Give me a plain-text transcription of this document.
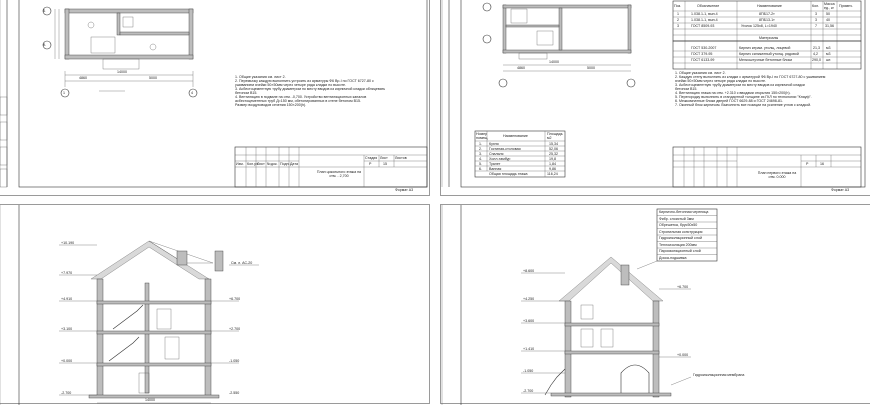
Б
А
1	4
14000
4860	5000	1. Общие указания см. лист 2.
2. Перемычку каждую выполнить устроить из арматуры Ф6 Вр-I по ГОСТ 6727-80 с
ушиванием ячейки 50×50мм через четыре ряда кладки по высоте.
3. Асбестоцементную трубу диаметром по месту вводов из кирпичной кладки облицевать
бетоном В15.
4. Вентиляцию в подвале на отм. -0,700. Устройство вентиляционных каналов
асбестоцементных труб Д=150 мм, обетонированных в стене бетоном В15.
Размер воздуховодов сечения 150×200(h).
Изм. Кол.уч.
Лист №док. Подп. Дата
Стадия Лист Листов
Р	15
План цокольного этажа на отм. - 2,700
Формат А3
14000
4860	5000
Поз.	Обозначение	Наименование	Кол. Масса ед., кг	Примеч.
1	1.038.1-1, вып.4	8ПБ17-2т	3	50
2	1.038.1-1, вып.4	8ПБ13-1т	3	40
3	ГОСТ 8509-93	Уголок 125х8, L=1940	7 31,56
Материалы
ГОСТ 530-2007	Кирпич керам. утолщ. лицевой	21,3 м3
ГОСТ 379-95	Кирпич силикатный утолщ. рядовой	4,2 м3
ГОСТ 6133-99	Мелкоштучные бетонные блоки	290,0 шт.
1. Общие указания см. лист 2.
2. Каждую стену выполнить из кладки с арматурой Ф6 Вр-I по ГОСТ 6727-80 с ушиванием
ячейки 50×50мм через четыре ряда кладки по высоте.
3. Асбестоцементную трубу диаметром по месту вводов из кирпичной кладки
бетоном В15.
4. Вентиляцию этажа на отм. +2.310 с вводами открытия 150×200(h).
5. Перегородку выполнить в стандартной толщине из ГКЛ по технологии "Кнауф".
6. Межкомнатные блоки дверей ГОСТ 6629-88 и ГОСТ 24698-81.
7. Оконный блок кирпичом. Выполнить все позиции на усиление углов с кладкой.
Номер помещ.	Наименование	Площадь м2
1. Кухня	15,34
2. Гостиная-столовая	52,06
3. Спальня	25,32
4. Холл-тамбур	19,8
5. Туалет	1,84
6. Ванная	9,86
Общая площадь этажа	116,24	План первого этажа на отм. 0.000
Р	16
Формат А3
См. л. АС-20
+10.190
+7.970
+4.910	+6.700
+3.100	+2.700
+0.000	-1.050
-2.700	-2.550
14000
Кирпично-бетонная черепица
Фибр. слоистый 3мм
Обрешетка, брус50х50
Стропильная конструкция
Гидроизоляционный слой
Теплоизоляция 200мм
Пароизоляционный слой
Доска-подшивка
Гидроизоляционная мембрана
+8.600
+6.700
+4.250
+3.600
+1.410
+0.000
-1.050
-2.700
